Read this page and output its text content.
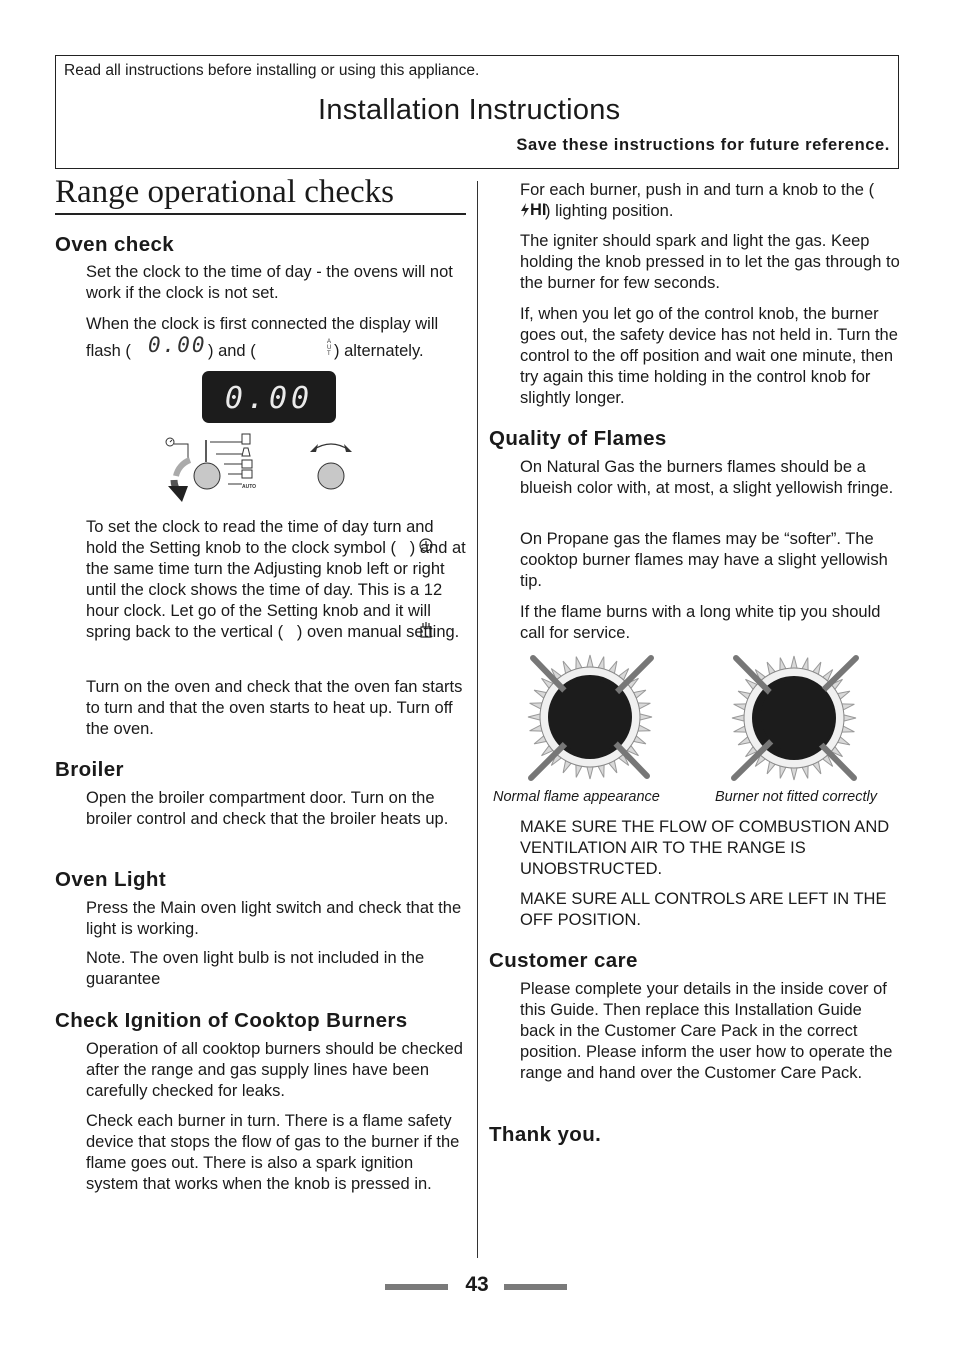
Read all instructions before installing or using this appliance.
Installation Instructions
Save these instructions for future reference.
Range operational checks
Oven check
Set the clock to the time of day - the ovens will not work if the clock is not set.
When the clock is first connected the display will
flash ( 0.00 ) and (	A
U
T ) alternately.
0.00
AUTO
To set the clock to read the time of day turn and hold the Setting knob to the clock symbol (   ) and at the same time turn the Adjusting knob left or right until the clock shows the time of day. This is a 12 hour clock. Let go of the Setting knob and it will spring back to the vertical (   ) oven manual setting.
Turn on the oven and check that the oven fan starts to turn and that the oven starts to heat up. Turn off the oven.
Broiler
Open the broiler compartment door. Turn on the broiler control and check that the broiler heats up.
Oven Light
Press the Main oven light switch and check that the light is working.
Note. The oven light bulb is not included in the guarantee
Check Ignition of Cooktop Burners
Operation of all cooktop burners should be checked after the range and gas supply lines have been carefully checked for leaks.
Check each burner in turn. There is a flame safety device that stops the flow of gas to the burner if the flame goes out. There is also a spark ignition system that works when the knob is pressed in.
For each burner, push in and turn a knob to the (
HI
) lighting position.
The igniter should spark and light the gas. Keep holding the knob pressed in to let the gas through to the burner for few seconds.
If, when you let go of the control knob, the burner goes out, the safety device has not held in. Turn the control to the off position and wait one minute, then try again this time holding in the control knob for slightly longer.
Quality of Flames
On Natural Gas the burners flames should be a blueish color with, at most, a slight yellowish fringe.
On Propane gas the flames may be “softer”. The cooktop burner flames may have a slight yellowish tip.
If the flame burns with a long white tip you should call for service.
Normal flame appearance	Burner not fitted correctly
MAKE SURE THE FLOW OF COMBUSTION AND VENTILATION AIR TO THE RANGE IS UNOBSTRUCTED.
MAKE SURE ALL CONTROLS ARE LEFT IN THE OFF POSITION.
Customer care
Please complete your details in the inside cover of this Guide. Then replace this Installation Guide back in the Customer Care Pack in the correct position. Please inform the user how to operate the range and hand over the Customer Care Pack.
Thank you.
43
